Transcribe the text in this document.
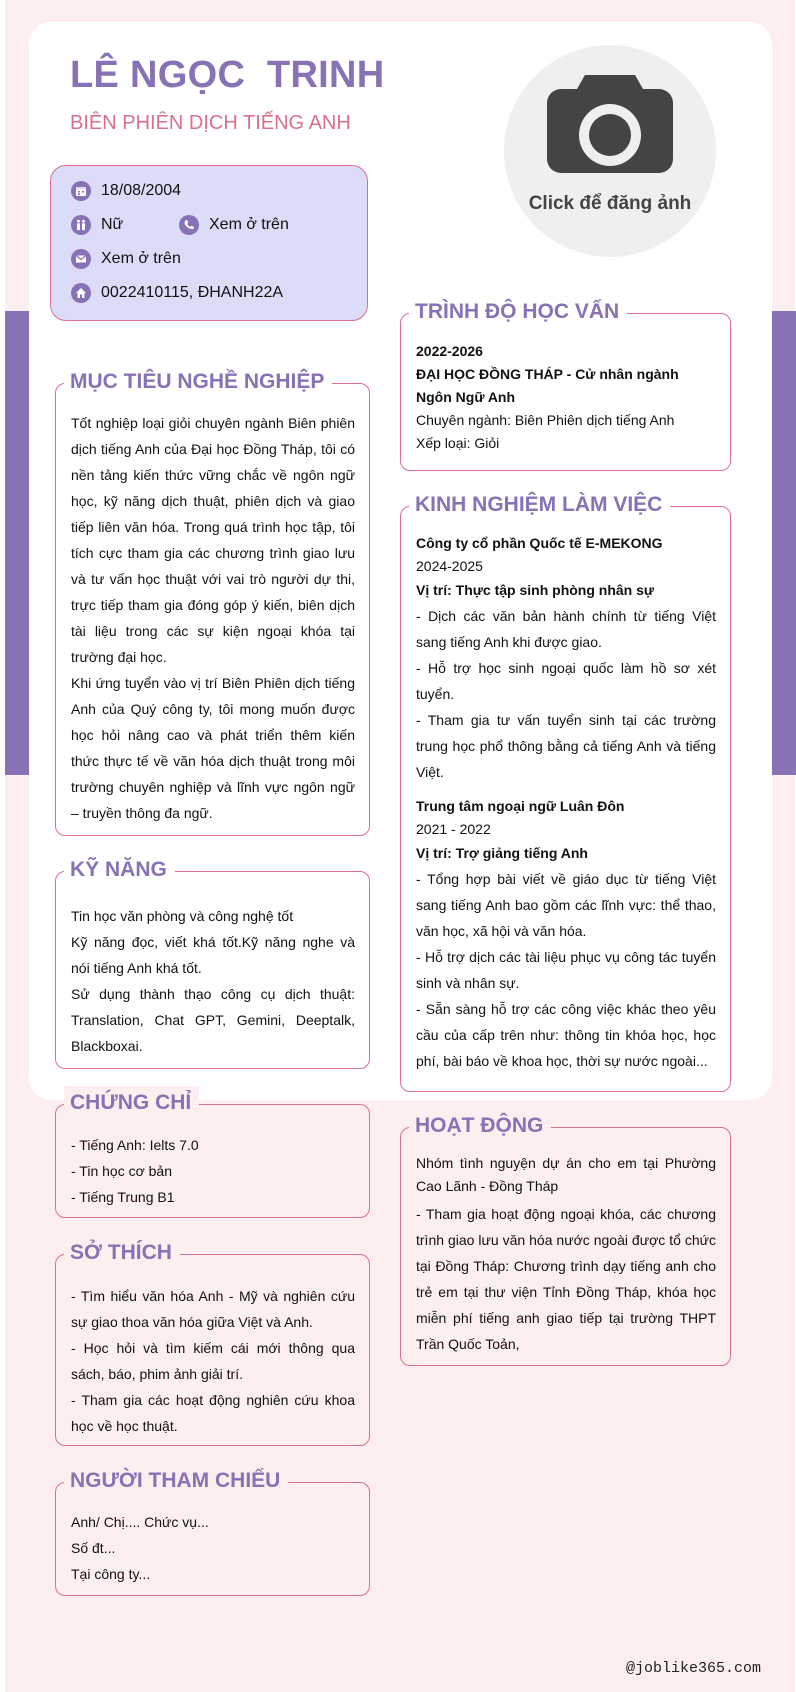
LÊ NGỌC  TRINH
BIÊN PHIÊN DỊCH TIẾNG ANH
18/08/2004
Nữ	Xem ở trên
Xem ở trên
0022410115, ĐHANH22A
Click để đăng ảnh
MỤC TIÊU NGHỀ NGHIỆP
Tốt nghiệp loại giỏi chuyên ngành Biên phiên dịch tiếng Anh của Đại học Đồng Tháp, tôi có nền tảng kiến thức vững chắc về ngôn ngữ học, kỹ năng dịch thuật, phiên dịch và giao tiếp liên văn hóa. Trong quá trình học tập, tôi tích cực tham gia các chương trình giao lưu và tư vấn học thuật với vai trò người dự thi, trực tiếp tham gia đóng góp ý kiến, biên dịch tài liệu trong các sự kiện ngoại khóa tại trường đại học.
Khi ứng tuyển vào vị trí Biên Phiên dịch tiếng Anh của Quý công ty, tôi mong muốn được học hỏi nâng cao và phát triển thêm kiến thức thực tế về văn hóa dịch thuật trong môi trường chuyên nghiệp và lĩnh vực ngôn ngữ – truyền thông đa ngữ.
KỸ NĂNG
Tin học văn phòng và công nghệ tốt
Kỹ năng đọc, viết khá tốt.Kỹ năng nghe và nói tiếng Anh khá tốt.
Sử dụng thành thạo công cụ dịch thuật: Translation, Chat GPT, Gemini, Deeptalk, Blackboxai.
CHỨNG CHỈ
- Tiếng Anh: Ielts 7.0
- Tin học cơ bản
- Tiếng Trung B1
SỞ THÍCH
- Tìm hiểu văn hóa Anh - Mỹ và nghiên cứu sự giao thoa văn hóa giữa Việt và Anh.
- Học hỏi và tìm kiếm cái mới thông qua sách, báo, phim ảnh giải trí.
- Tham gia các hoạt động nghiên cứu khoa học về học thuật.
NGƯỜI THAM CHIẾU
Anh/ Chị.... Chức vụ...
Số đt...
Tại công ty...
TRÌNH ĐỘ HỌC VẤN
2022-2026
ĐẠI HỌC ĐỒNG THÁP - Cử nhân ngành Ngôn Ngữ Anh
Chuyên ngành: Biên Phiên dịch tiếng Anh
Xếp loại: Giỏi
KINH NGHIỆM LÀM VIỆC
Công ty cổ phần Quốc tế E-MEKONG
2024-2025
Vị trí: Thực tập sinh phòng nhân sự
- Dịch các văn bản hành chính từ tiếng Việt sang tiếng Anh khi được giao.
- Hỗ trợ học sinh ngoại quốc làm hồ sơ xét tuyển.
- Tham gia tư vấn tuyển sinh tại các trường trung học phổ thông bằng cả tiếng Anh và tiếng Việt.
Trung tâm ngoại ngữ Luân Đôn
2021 - 2022
Vị trí: Trợ giảng tiếng Anh
- Tổng hợp bài viết về giáo dục từ tiếng Việt sang tiếng Anh bao gồm các lĩnh vực: thể thao, văn học, xã hội và văn hóa.
- Hỗ trợ dịch các tài liệu phục vụ công tác tuyển sinh và nhân sự.
- Sẵn sàng hỗ trợ các công việc khác theo yêu cầu của cấp trên như: thông tin khóa học, học phí, bài báo về khoa học, thời sự nước ngoài...
HOẠT ĐỘNG
Nhóm tình nguyện dự án cho em tại Phường Cao Lãnh - Đồng Tháp
- Tham gia hoạt động ngoại khóa, các chương trình giao lưu văn hóa nước ngoài được tổ chức tại Đồng Tháp: Chương trình dạy tiếng anh cho trẻ em tại thư viện Tỉnh Đồng Tháp, khóa học miễn phí tiếng anh giao tiếp tại trường THPT Trần Quốc Toản,
@joblike365.com
